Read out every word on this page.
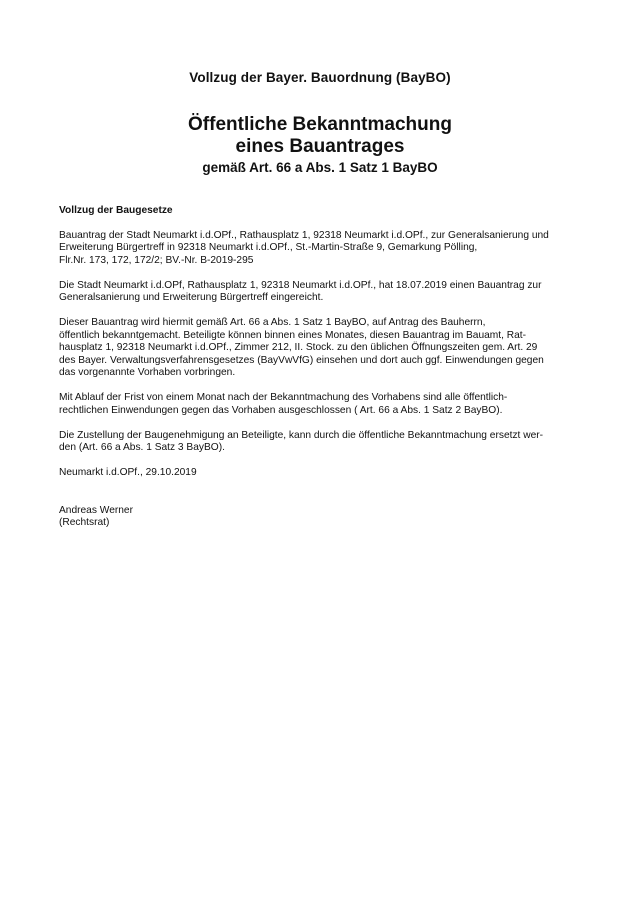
Vollzug der Bayer. Bauordnung (BayBO)
Öffentliche Bekanntmachung
eines Bauantrages
gemäß Art. 66 a Abs. 1 Satz 1 BayBO
Vollzug der Baugesetze
Bauantrag der Stadt Neumarkt i.d.OPf., Rathausplatz 1, 92318 Neumarkt i.d.OPf., zur Generalsanierung und
Erweiterung Bürgertreff in 92318 Neumarkt i.d.OPf., St.-Martin-Straße 9, Gemarkung Pölling,
Flr.Nr. 173, 172, 172/2; BV.-Nr. B-2019-295
Die Stadt Neumarkt i.d.OPf, Rathausplatz 1, 92318 Neumarkt i.d.OPf., hat 18.07.2019 einen Bauantrag zur
Generalsanierung und Erweiterung Bürgertreff eingereicht.
Dieser Bauantrag wird hiermit gemäß Art. 66 a Abs. 1 Satz 1 BayBO, auf Antrag des Bauherrn,
öffentlich bekanntgemacht. Beteiligte können binnen eines Monates, diesen Bauantrag im Bauamt, Rat-
hausplatz 1, 92318 Neumarkt i.d.OPf., Zimmer 212, II. Stock. zu den üblichen Öffnungszeiten gem. Art. 29
des Bayer. Verwaltungsverfahrensgesetzes (BayVwVfG) einsehen und dort auch ggf. Einwendungen gegen
das vorgenannte Vorhaben vorbringen.
Mit Ablauf der Frist von einem Monat nach der Bekanntmachung des Vorhabens sind alle öffentlich-
rechtlichen Einwendungen gegen das Vorhaben ausgeschlossen ( Art. 66 a Abs. 1 Satz 2 BayBO).
Die Zustellung der Baugenehmigung an Beteiligte, kann durch die öffentliche Bekanntmachung ersetzt wer-
den (Art. 66 a Abs. 1 Satz 3 BayBO).
Neumarkt i.d.OPf., 29.10.2019
Andreas Werner
(Rechtsrat)
